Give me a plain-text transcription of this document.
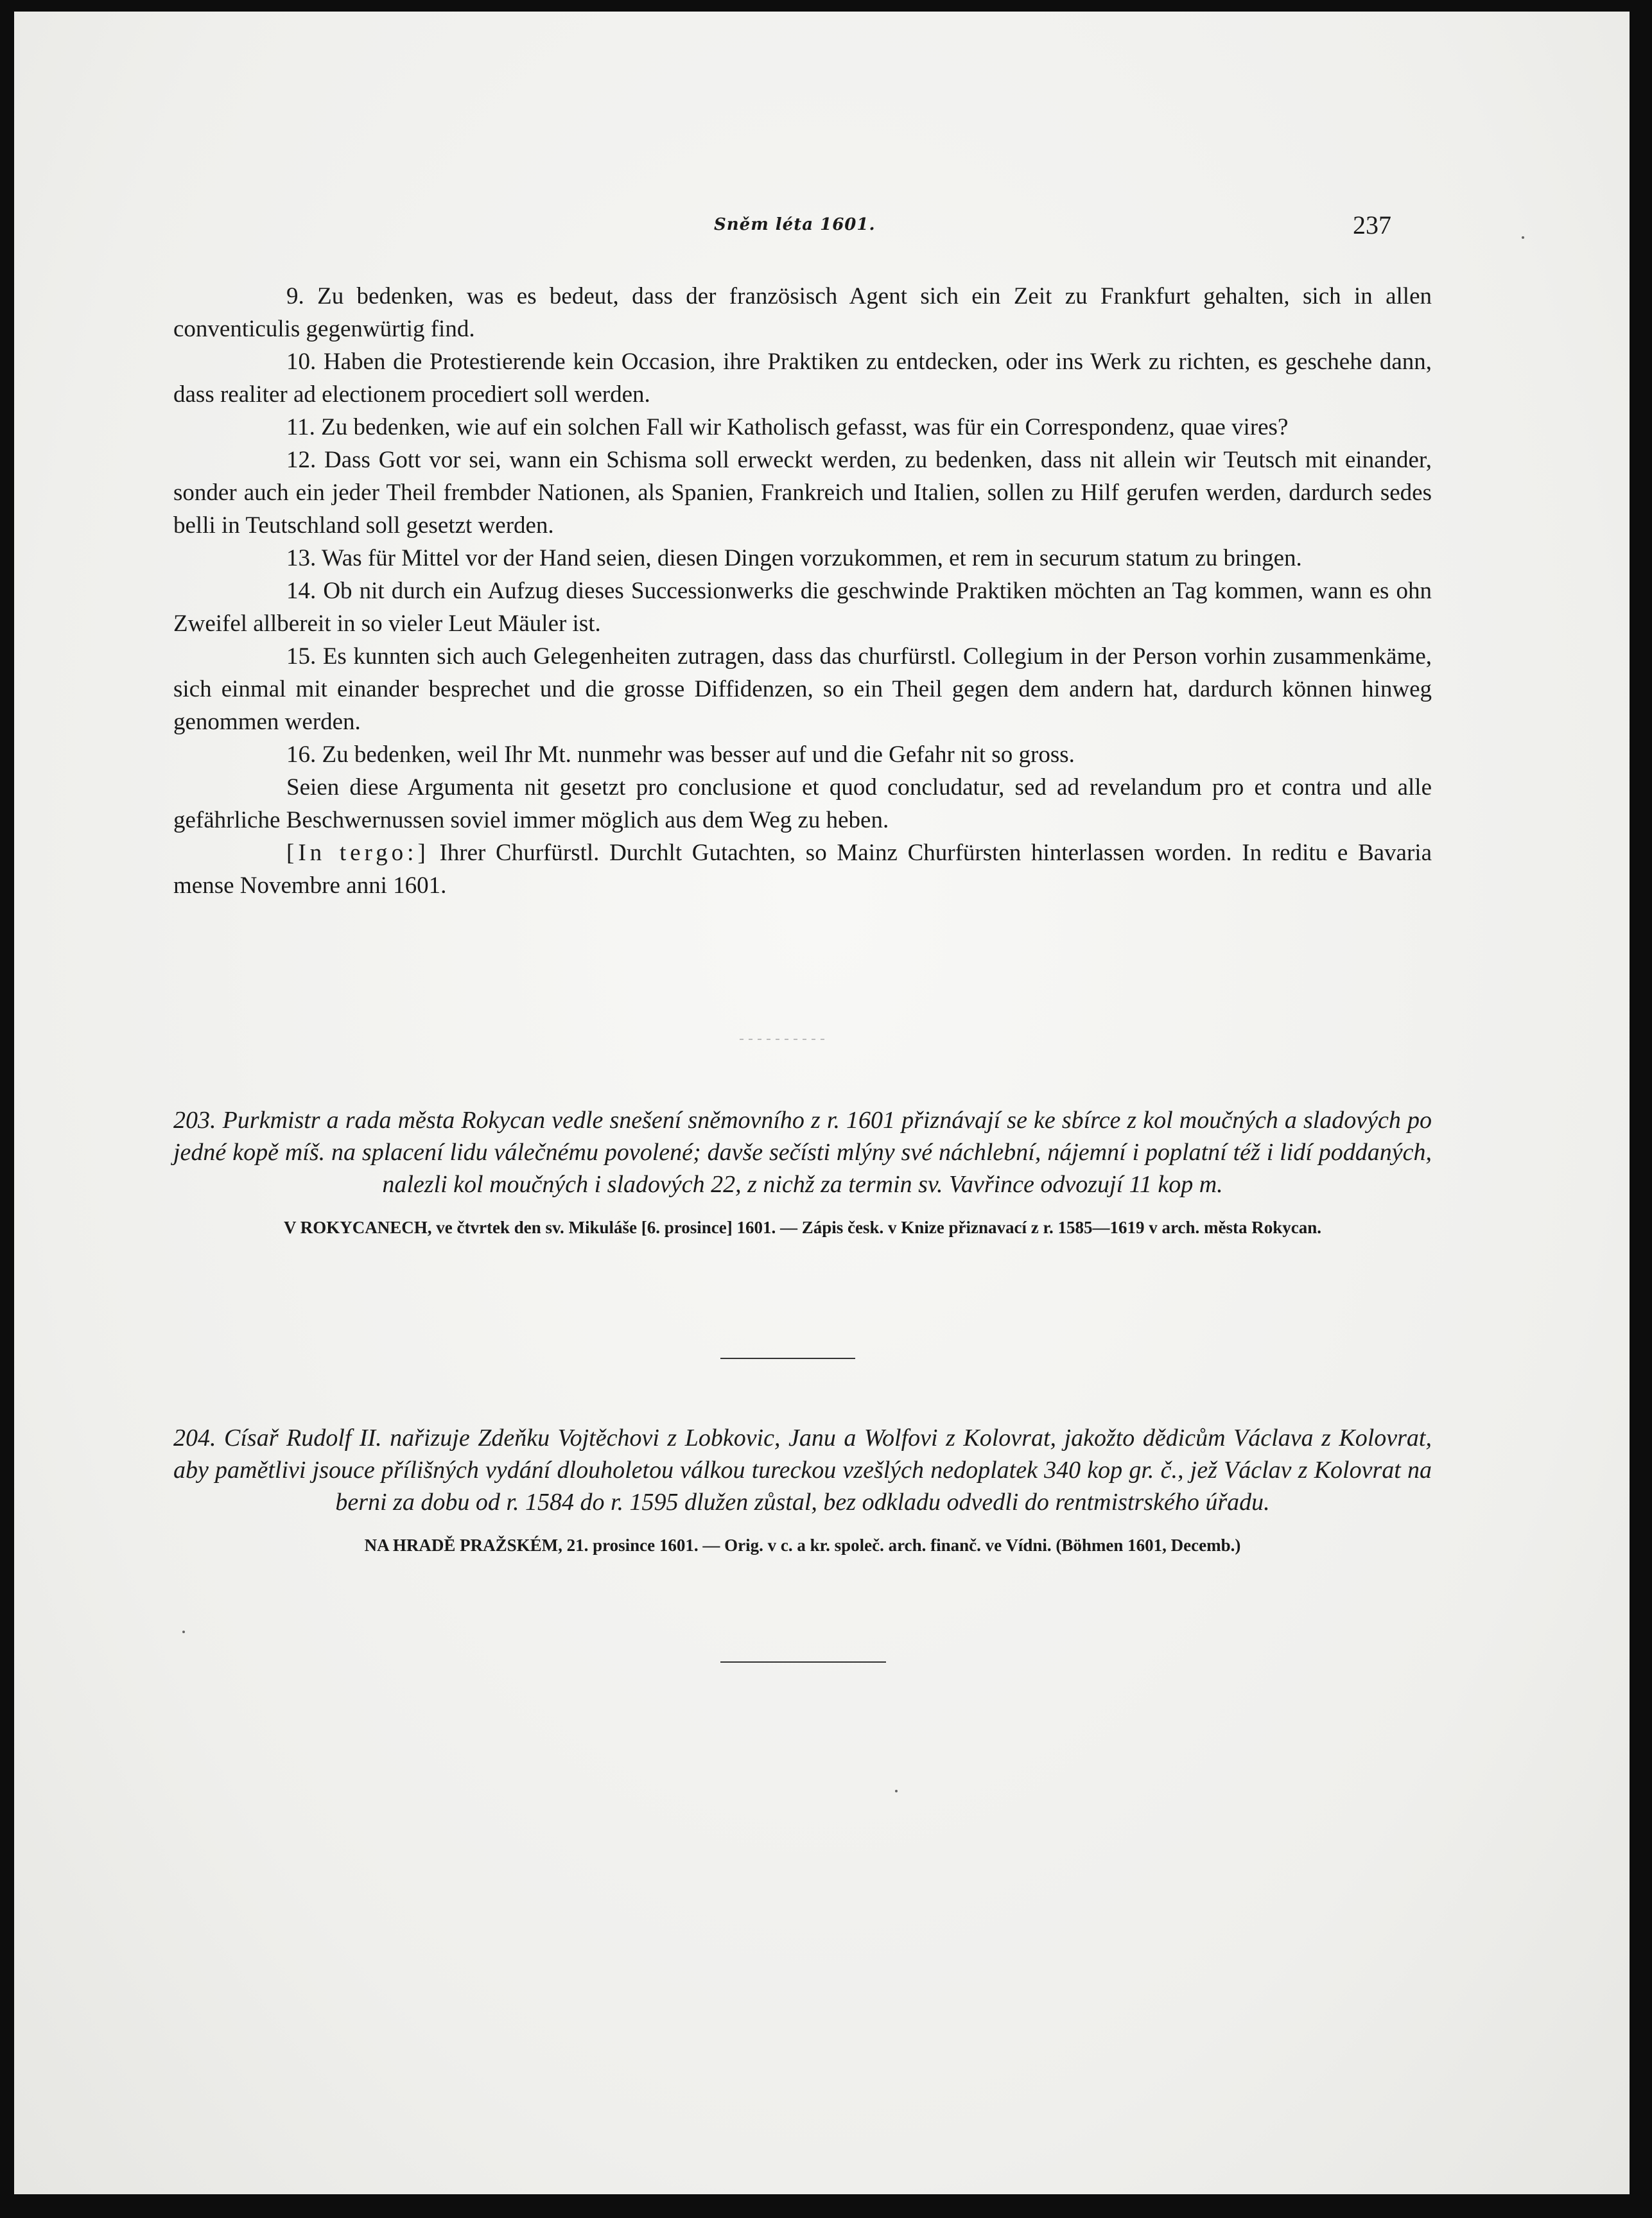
Sněm léta 1601.	237

9. Zu bedenken, was es bedeut, dass der französisch Agent sich ein Zeit zu Frankfurt gehalten, sich in allen conventiculis gegenwürtig find.

10. Haben die Protestierende kein Occasion, ihre Praktiken zu entdecken, oder ins Werk zu richten, es geschehe dann, dass realiter ad electionem procediert soll werden.

11. Zu bedenken, wie auf ein solchen Fall wir Katholisch gefasst, was für ein Correspondenz, quae vires?

12. Dass Gott vor sei, wann ein Schisma soll erweckt werden, zu bedenken, dass nit allein wir Teutsch mit einander, sonder auch ein jeder Theil frembder Nationen, als Spanien, Frankreich und Italien, sollen zu Hilf gerufen werden, dardurch sedes belli in Teutschland soll gesetzt werden.

13. Was für Mittel vor der Hand seien, diesen Dingen vorzukommen, et rem in securum statum zu bringen.

14. Ob nit durch ein Aufzug dieses Successionwerks die geschwinde Praktiken möchten an Tag kommen, wann es ohn Zweifel allbereit in so vieler Leut Mäuler ist.

15. Es kunnten sich auch Gelegenheiten zutragen, dass das churfürstl. Collegium in der Person vorhin zusammenkäme, sich einmal mit einander besprechet und die grosse Diffidenzen, so ein Theil gegen dem andern hat, dardurch können hinweg genommen werden.

16. Zu bedenken, weil Ihr Mt. nunmehr was besser auf und die Gefahr nit so gross.

Seien diese Argumenta nit gesetzt pro conclusione et quod concludatur, sed ad revelandum pro et contra und alle gefährliche Beschwernussen soviel immer möglich aus dem Weg zu heben.

[In tergo:] Ihrer Churfürstl. Durchlt Gutachten, so Mainz Churfürsten hinterlassen worden. In reditu e Bavaria mense Novembre anni 1601.

203. Purkmistr a rada města Rokycan vedle snešení sněmovního z r. 1601 přiznávají se ke sbírce z kol moučných a sladových po jedné kopě míš. na splacení lidu válečnému povolené; davše sečísti mlýny své náchlební, nájemní i poplatní též i lidí poddaných, nalezli kol moučných i sladových 22, z nichž za termin sv. Vavřince odvozují 11 kop m.

V ROKYCANECH, ve čtvrtek den sv. Mikuláše [6. prosince] 1601. — Zápis česk. v Knize přiznavací z r. 1585—1619 v arch. města Rokycan.

204. Císař Rudolf II. nařizuje Zdeňku Vojtěchovi z Lobkovic, Janu a Wolfovi z Kolovrat, jakožto dědicům Václava z Kolovrat, aby pamětlivi jsouce přílišných vydání dlouholetou válkou tureckou vzešlých nedoplatek 340 kop gr. č., jež Václav z Kolovrat na berni za dobu od r. 1584 do r. 1595 dlužen zůstal, bez odkladu odvedli do rentmistrského úřadu.

NA HRADĚ PRAŽSKÉM, 21. prosince 1601. — Orig. v c. a kr. společ. arch. finanč. ve Vídni. (Böhmen 1601, Decemb.)
